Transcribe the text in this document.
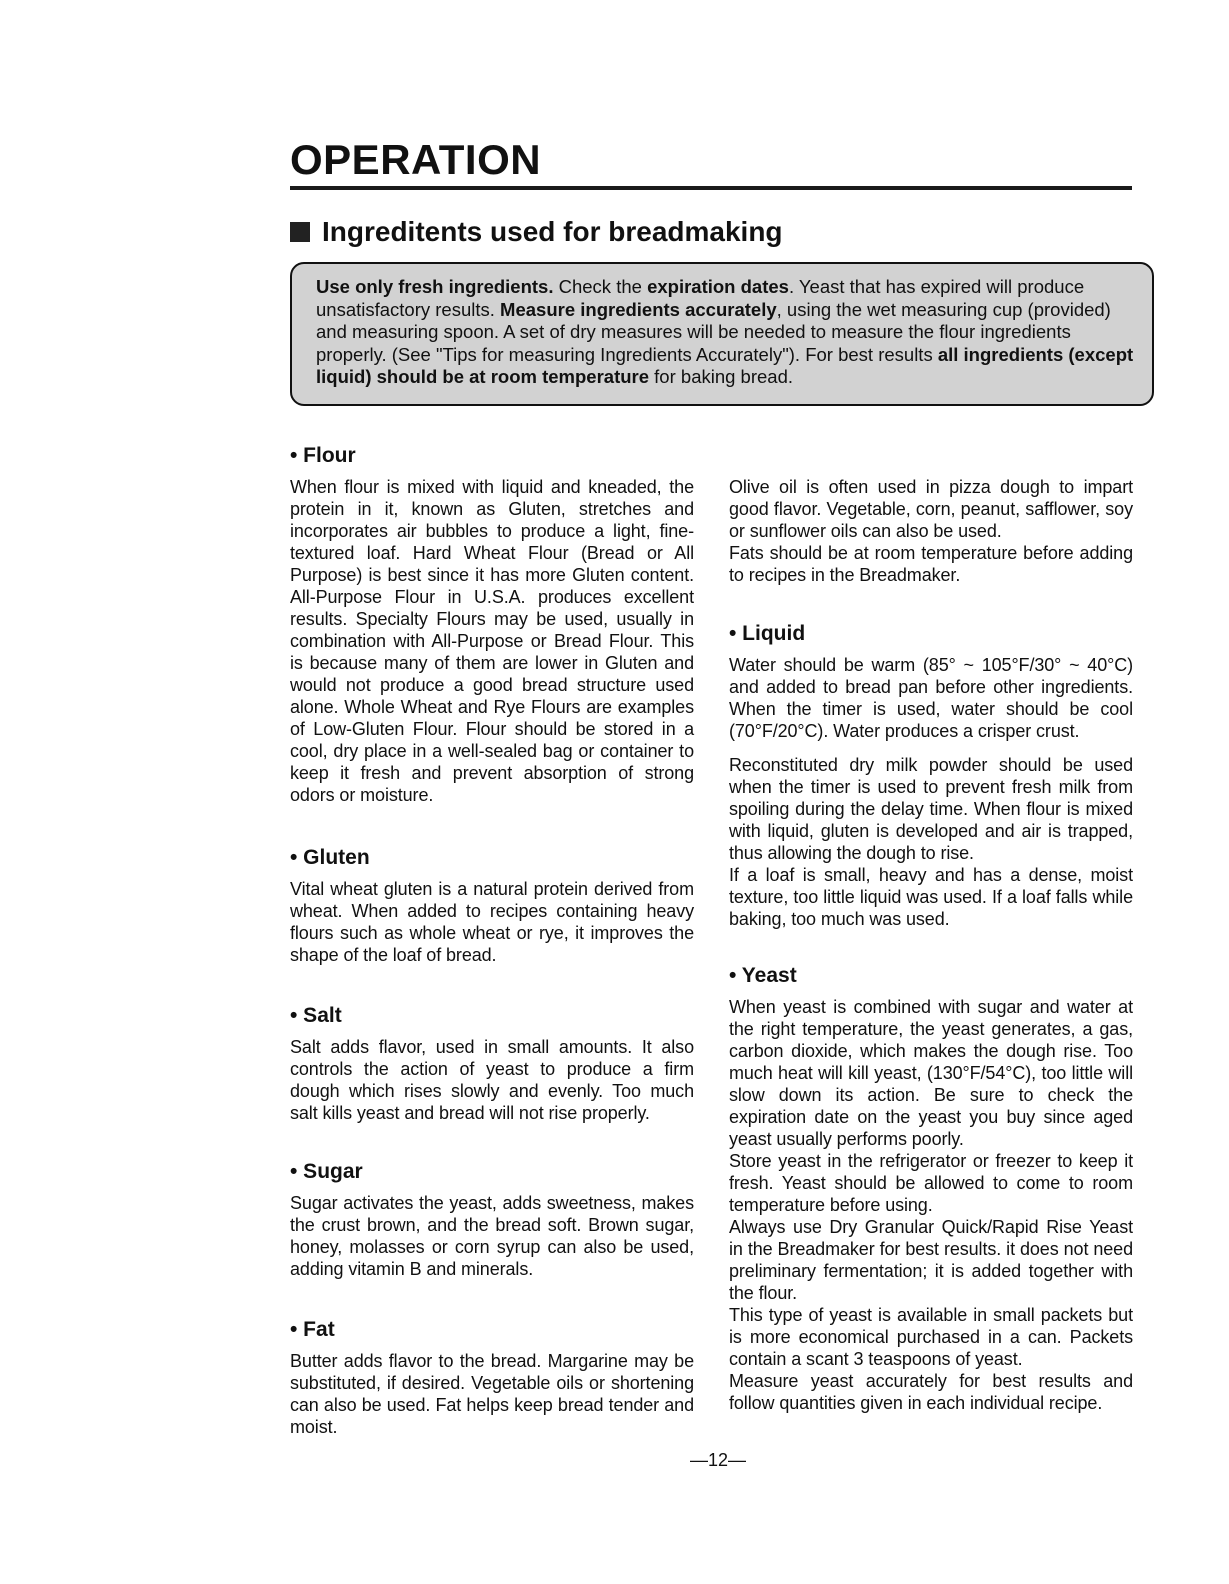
OPERATION
Ingreditents used for breadmaking
Use only fresh ingredients. Check the expiration dates. Yeast that has expired will produce unsatisfactory results. Measure ingredients accurately, using the wet measuring cup (provided) and measuring spoon. A set of dry measures will be needed to measure the flour ingredients properly. (See "Tips for measuring Ingredients Accurately"). For best results all ingredients (except liquid) should be at room temperature for baking bread.
• Flour

When flour is mixed with liquid and kneaded, the protein in it, known as Gluten, stretches and incorporates air bubbles to produce a light, fine-textured loaf. Hard Wheat Flour (Bread or All Purpose) is best since it has more Gluten content. All-Purpose Flour in U.S.A. produces excellent results. Specialty Flours may be used, usually in combination with All-Purpose or Bread Flour. This is because many of them are lower in Gluten and would not produce a good bread structure used alone. Whole Wheat and Rye Flours are examples of Low-Gluten Flour. Flour should be stored in a cool, dry place in a well-sealed bag or container to keep it fresh and prevent absorption of strong odors or moisture.

• Gluten

Vital wheat gluten is a natural protein derived from wheat. When added to recipes containing heavy flours such as whole wheat or rye, it improves the shape of the loaf of bread.

• Salt

Salt adds flavor, used in small amounts. It also controls the action of yeast to produce a firm dough which rises slowly and evenly. Too much salt kills yeast and bread will not rise properly.

• Sugar

Sugar activates the yeast, adds sweetness, makes the crust brown, and the bread soft. Brown sugar, honey, molasses or corn syrup can also be used, adding vitamin B and minerals.

• Fat

Butter adds flavor to the bread. Margarine may be substituted, if desired. Vegetable oils or shortening can also be used. Fat helps keep bread tender and moist.

Olive oil is often used in pizza dough to impart good flavor. Vegetable, corn, peanut, safflower, soy or sunflower oils can also be used.

Fats should be at room temperature before adding to recipes in the Breadmaker.

• Liquid

Water should be warm (85° ~ 105°F/30° ~ 40°C) and added to bread pan before other ingredients. When the timer is used, water should be cool (70°F/20°C). Water produces a crisper crust.

Reconstituted dry milk powder should be used when the timer is used to prevent fresh milk from spoiling during the delay time. When flour is mixed with liquid, gluten is developed and air is trapped, thus allowing the dough to rise.

If a loaf is small, heavy and has a dense, moist texture, too little liquid was used. If a loaf falls while baking, too much was used.

• Yeast

When yeast is combined with sugar and water at the right temperature, the yeast generates, a gas, carbon dioxide, which makes the dough rise. Too much heat will kill yeast, (130°F/54°C), too little will slow down its action. Be sure to check the expiration date on the yeast you buy since aged yeast usually performs poorly.

Store yeast in the refrigerator or freezer to keep it fresh. Yeast should be allowed to come to room temperature before using.

Always use Dry Granular Quick/Rapid Rise Yeast in the Breadmaker for best results. it does not need preliminary fermentation; it is added together with the flour.

This type of yeast is available in small packets but is more economical purchased in a can. Packets contain a scant 3 teaspoons of yeast.

Measure yeast accurately for best results and follow quantities given in each individual recipe.

—12—
